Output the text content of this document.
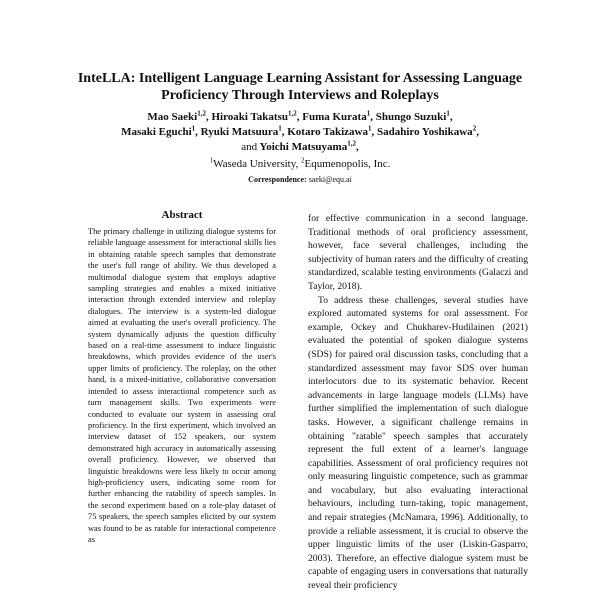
InteLLA: Intelligent Language Learning Assistant for Assessing Language
Proficiency Through Interviews and Roleplays
Mao Saeki$^{1,2}$, Hiroaki Takatsu$^{1,2}$, Fuma Kurata$^1$, Shungo Suzuki$^1$,
Masaki Eguchi$^1$, Ryuki Matsuura$^1$, Kotaro Takizawa$^1$, Sadahiro Yoshikawa$^2$,
and Yoichi Matsuyama$^{1,2}$,
$^1$Waseda University, $^2$Equmenopolis, Inc.
Correspondence: saeki@equ.ai
Abstract
The primary challenge in utilizing dialogue systems for reliable language assessment for interactional skills lies in obtaining ratable speech samples that demonstrate the user's full range of ability. We thus developed a multimodal dialogue system that employs adaptive sampling strategies and enables a mixed initiative interaction through extended interview and roleplay dialogues. The interview is a system-led dialogue aimed at evaluating the user's overall proficiency. The system dynamically adjusts the question difficulty based on a real-time assessment to induce linguistic breakdowns, which provides evidence of the user's upper limits of proficiency. The roleplay, on the other hand, is a mixed-initiative, collaborative conversation intended to assess interactional competence such as turn management skills. Two experiments were conducted to evaluate our system in assessing oral proficiency. In the first experiment, which involved an interview dataset of 152 speakers, our system demonstrated high accuracy in automatically assessing overall proficiency. However, we observed that linguistic breakdowns were less likely to occur among high-proficiency users, indicating some room for further enhancing the ratability of speech samples. In the second experiment based on a role-play dataset of 75 speakers, the speech samples elicited by our system was found to be as ratable for interactional competence as

for effective communication in a second language. Traditional methods of oral proficiency assessment, however, face several challenges, including the subjectivity of human raters and the difficulty of creating standardized, scalable testing environments (Galaczi and Taylor, 2018).

To address these challenges, several studies have explored automated systems for oral assessment. For example, Ockey and Chukharev-Hudilainen (2021) evaluated the potential of spoken dialogue systems (SDS) for paired oral discussion tasks, concluding that a standardized assessment may favor SDS over human interlocutors due to its systematic behavior. Recent advancements in large language models (LLMs) have further simplified the implementation of such dialogue tasks. However, a significant challenge remains in obtaining "ratable" speech samples that accurately represent the full extent of a learner's language capabilities. Assessment of oral proficiency requires not only measuring linguistic competence, such as grammar and vocabulary, but also evaluating interactional behaviours, including turn-taking, topic management, and repair strategies (McNamara, 1996). Additionally, to provide a reliable assessment, it is crucial to observe the upper linguistic limits of the user (Liskin-Gasparro, 2003). Therefore, an effective dialogue system must be capable of engaging users in conversations that naturally reveal their proficiency
